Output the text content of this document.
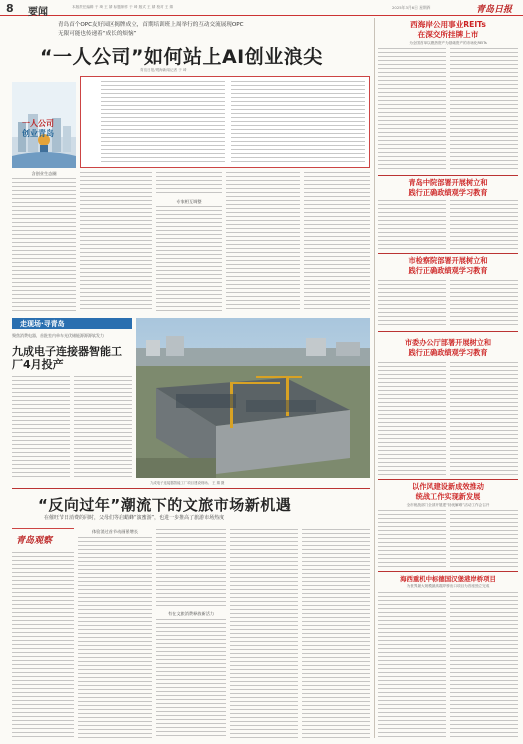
8 要闻	本版责任编辑 于 琦 王 婧 标题制作 于 琦 版式 王 婧 校对 王 婧	2025年3月6日 星期四	青岛日报
青岛首个OPC友好园区揭牌成立，首期培训班上周举行的互动交流展现OPC
无限可能也传递着“成长的烦恼”
“一人公司”如何站上AI创业浪尖
青岛日报/观海新闻记者 于 琦
一人公司
创业青岛
含创业生态圈
专家相互调整
走现场·寻青岛
聚焦消费电器，首批室内单车光伏储能源源源软发力
九成电子连接器智能工厂4月投产
九成电子连接器智能工厂项目建设现场。 王 婧 摄
“反向过年”潮流下的文旅市场新机遇
在催旺节日消费的同时，父母们等启蜡蜂“演蜜游”，也进一步推高了旅游市场热度
青岛观察
体验消过首节动画景增长
有在文旅消费释放新活力
西海岸公用事业REITs
在深交所挂牌上市
为全国首单以燃热资产为基础资产的市场化REITs
青岛中院部署开展树立和
践行正确政绩观学习教育
市检察院部署开展树立和
践行正确政绩观学习教育
市委办公厅部署开展树立和
践行正确政绩观学习教育
以作风建设新成效推动
统战工作实现新发展
全市统战部门全部开展建“扬优解难”活动工作会召开
海西重机中标德国汉堡港岸桥项目
为世界最大规模最高端岸桥出口项目为首座独立完成
